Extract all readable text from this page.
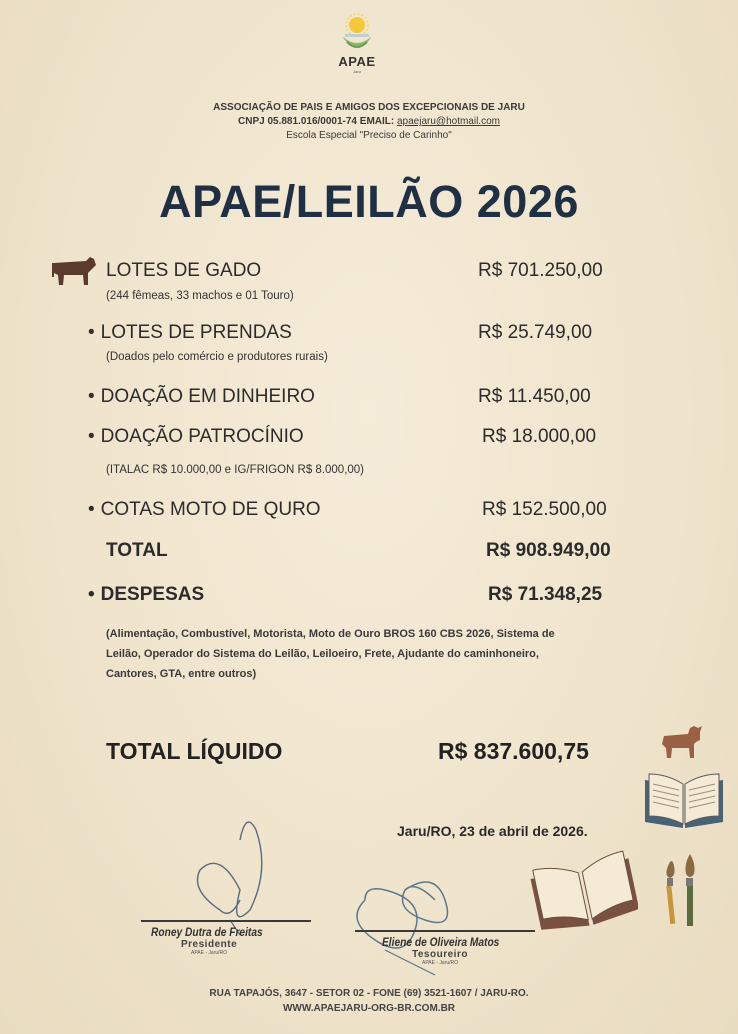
APAE
Jaru
ASSOCIAÇÃO DE PAIS E AMIGOS DOS EXCEPCIONAIS DE JARU
CNPJ 05.881.016/0001-74 EMAIL: apaejaru@hotmail.com
Escola Especial "Preciso de Carinho"
APAE/LEILÃO 2026
LOTES DE GADO	R$ 701.250,00
(244 fêmeas, 33 machos e 01 Touro)
• LOTES DE PRENDAS	R$ 25.749,00
(Doados pelo comércio e produtores rurais)
• DOAÇÃO EM DINHEIRO	R$ 11.450,00
• DOAÇÃO PATROCÍNIO	R$ 18.000,00
(ITALAC R$ 10.000,00 e IG/FRIGON R$ 8.000,00)
• COTAS MOTO DE QURO	R$ 152.500,00
TOTAL	R$ 908.949,00
• DESPESAS	R$ 71.348,25
(Alimentação, Combustível, Motorista, Moto de Ouro BROS 160 CBS 2026, Sistema de
Leilão, Operador do Sistema do Leilão, Leiloeiro, Frete, Ajudante do caminhoneiro,
Cantores, GTA, entre outros)
TOTAL LÍQUIDO	R$ 837.600,75
Jaru/RO, 23 de abril de 2026.
Roney Dutra de Freitas
Presidente
APAE - Jaru/RO
Eliene de Oliveira Matos
Tesoureiro
APAE - Jaru/RO
RUA TAPAJÓS, 3647 - SETOR 02 - FONE (69) 3521-1607 / JARU-RO.
WWW.APAEJARU-ORG-BR.COM.BR
